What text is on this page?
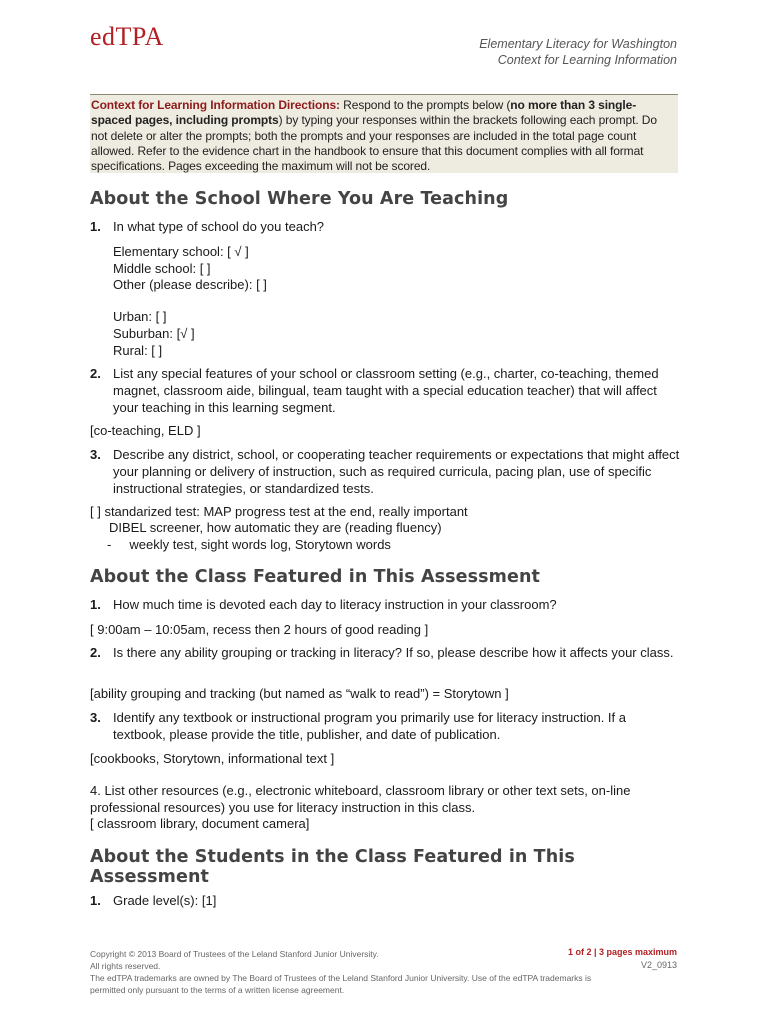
edTPA	Elementary Literacy for Washington
Context for Learning Information
Context for Learning Information Directions: Respond to the prompts below (no more than 3 single-spaced pages, including prompts) by typing your responses within the brackets following each prompt. Do not delete or alter the prompts; both the prompts and your responses are included in the total page count allowed. Refer to the evidence chart in the handbook to ensure that this document complies with all format specifications. Pages exceeding the maximum will not be scored.
About the School Where You Are Teaching
1. In what type of school do you teach?
Elementary school: [ √ ]
Middle school: [ ]
Other (please describe): [ ]
Urban: [ ]
Suburban: [√ ]
Rural: [ ]
2. List any special features of your school or classroom setting (e.g., charter, co-teaching, themed magnet, classroom aide, bilingual, team taught with a special education teacher) that will affect your teaching in this learning segment.
[co-teaching, ELD ]
3. Describe any district, school, or cooperating teacher requirements or expectations that might affect your planning or delivery of instruction, such as required curricula, pacing plan, use of specific instructional strategies, or standardized tests.
[ ] standarized test: MAP progress test at the end, really important
DIBEL screener, how automatic they are (reading fluency)
-     weekly test, sight words log, Storytown words
About the Class Featured in This Assessment
1. How much time is devoted each day to literacy instruction in your classroom?
[ 9:00am – 10:05am, recess then 2 hours of good reading ]
2. Is there any ability grouping or tracking in literacy? If so, please describe how it affects your class.
[ability grouping and tracking (but named as “walk to read”) = Storytown ]
3. Identify any textbook or instructional program you primarily use for literacy instruction. If a textbook, please provide the title, publisher, and date of publication.
[cookbooks, Storytown, informational text ]
4. List other resources (e.g., electronic whiteboard, classroom library or other text sets, on-line professional resources) you use for literacy instruction in this class.
[ classroom library, document camera]
About the Students in the Class Featured in This
Assessment
1. Grade level(s): [1]
Copyright © 2013 Board of Trustees of the Leland Stanford Junior University.
All rights reserved.
The edTPA trademarks are owned by The Board of Trustees of the Leland Stanford Junior University. Use of the edTPA trademarks is
permitted only pursuant to the terms of a written license agreement.
1 of 2 | 3 pages maximum
V2_0913
